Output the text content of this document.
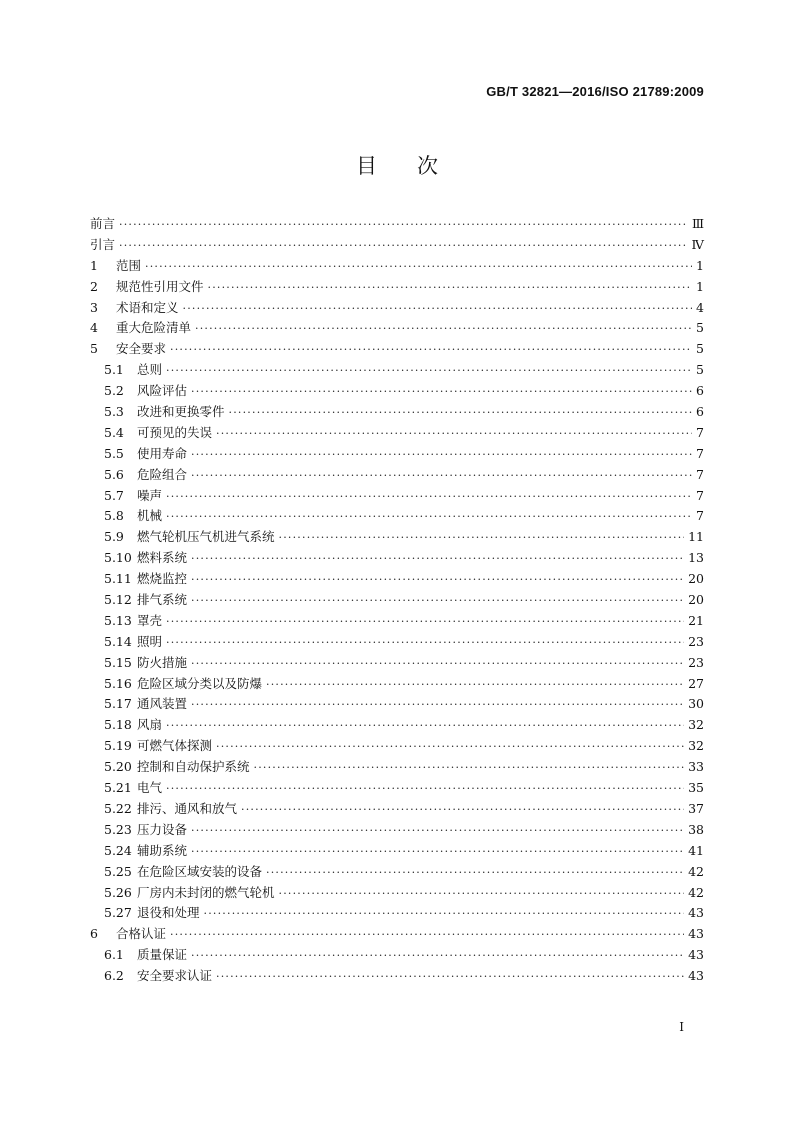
GB/T 32821—2016/ISO 21789:2009
目次
前言 ·····	Ⅲ
引言 ·····	Ⅳ
1	范围 ·····	1
2	规范性引用文件 ·····	1
3	术语和定义 ·····	4
4	重大危险清单 ·····	5
5	安全要求 ·····	5
5.1	总则 ·····	5
5.2	风险评估 ·····	6
5.3	改进和更换零件 ·····	6
5.4	可预见的失误 ·····	7
5.5	使用寿命 ·····	7
5.6	危险组合 ·····	7
5.7	噪声 ·····	7
5.8	机械 ·····	7
5.9	燃气轮机压气机进气系统 ·····	11
5.10 燃料系统 ·····	13
5.11 燃烧监控 ·····	20
5.12 排气系统 ·····	20
5.13 罩壳 ·····	21
5.14 照明 ·····	23
5.15 防火措施 ·····	23
5.16 危险区域分类以及防爆 ·····	27
5.17 通风装置 ·····	30
5.18 风扇 ·····	32
5.19 可燃气体探测 ·····	32
5.20 控制和自动保护系统 ·····	33
5.21 电气 ·····	35
5.22 排污、通风和放气 ·····	37
5.23 压力设备 ·····	38
5.24 辅助系统 ·····	41
5.25 在危险区域安装的设备 ·····	42
5.26 厂房内未封闭的燃气轮机 ·····	42
5.27 退役和处理 ·····	43
6	合格认证 ·····	43
6.1	质量保证 ·····	43
6.2	安全要求认证 ·····	43
I
